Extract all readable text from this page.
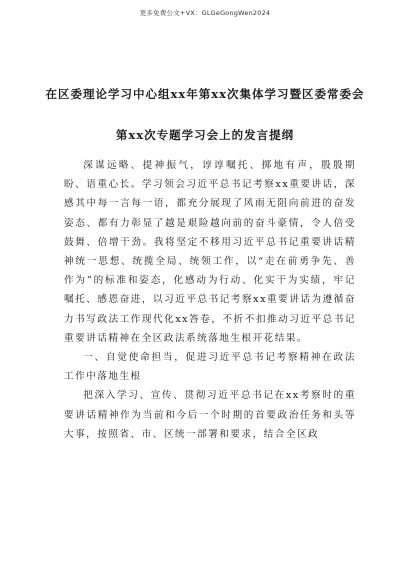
更多免费公文+VX：GLGeGongWen2024
在区委理论学习中心组xx年第xx次集体学习暨区委常委会
第xx次专题学习会上的发言提纲

深谋远略、提神振气，谆谆嘱托、掷地有声，殷殷期盼、语重心长。学习领会习近平总书记考察xx重要讲话，深感其中每一言每一语，都充分展现了风雨无阻向前进的奋发姿态、都有力彰显了越是艰险越向前的奋斗豪情，令人倍受鼓舞、倍增干劲。我将坚定不移用习近平总书记重要讲话精神统一思想、统揽全局、统领工作，以“走在前勇争先、善作为”的标准和姿态，化感动为行动、化实干为实绩，牢记嘱托、感恩奋进，以习近平总书记考察xx重要讲话为遵循奋力书写政法工作现代化xx答卷，不折不扣推动习近平总书记重要讲话精神在全区政法系统落地生根开花结果。

一、自觉使命担当，促进习近平总书记考察精神在政法工作中落地生根

把深入学习、宣传、贯彻习近平总书记在xx考察时的重要讲话精神作为当前和今后一个时期的首要政治任务和头等大事，按照省、市、区统一部署和要求，结合全区政
